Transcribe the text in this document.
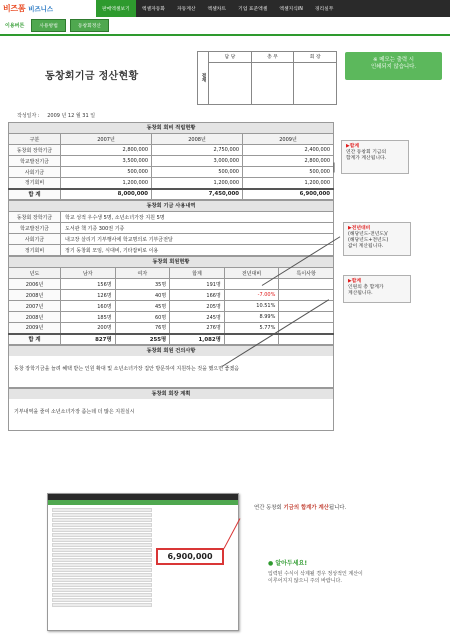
비즈폼 비즈니스	판매엑셀보기	엑셀자동화	자동계산	엑셀차트	기업 표준엑셀	엑셀지식iN	경리실무
이용버튼	사용방법	동창회정산
동창회기금 정산현황	결재
담 당	총 무	회 장	※ 메모는 출력 시
인쇄되지 않습니다.
작성일자 : 2009 년 12 월 31 일
동창회 회비 적립현황
구분	2007년	2008년	2009년
동창회 장학기금	2,800,000	2,750,000	2,400,000
학교발전기금	3,500,000	3,000,000	2,800,000
사회기금	500,000	500,000	500,000
정기회비	1,200,000	1,200,000	1,200,000
합 계	8,000,000	7,450,000	6,900,000
동창회 기금 사용내역
동창회 장학기금	학교 성적 우수생 5명, 소년소녀가장 지원 5명
학교발전기금	도서관 책 기증 300권 기증
사회기금	내고장 살리기 기부행사에 학교명의로 기부금전달
정기회비	정기 동창회 모임, 식대비, 기타잡비로 이용
동창회 회원현황
년도	남자	여자	합계	전년대비	특이사항
2006년	156명	35명	191명		
2008년	126명	40명	166명	-7.00%	
2007년	160명	45명	205명	10.51%	
2008년	185명	60명	245명	8.99%	
2009년	200명	76명	276명	5.77%	
합 계	827명	255명	1,082명		
동창회 회원 건의사항
동창 장학기금을 늘려 혜택 받는 인원 확대 및 소년소녀가장 집안 방문하여 지원하는 것을 했으면 좋겠음
동창회 회장 계획
기부내역을 줄여 소년소녀가장 좀는데 더 많은 지원실시
▶합계
연간 동창회 기금의
합계가 계산됩니다.
▶전년대비
(해당년도-전년도)/
(해당년도+전년도)
값이 계산됩니다.
▶합계
인원의 총 합계가
계산됩니다.
6,900,000
연간 동창회 기금의 합계가 계산됩니다.
● 알아두세요!
입력된 수식이 삭제될 경우 정상적인 계산이
이루어지지 않으니 주의 바랍니다.
